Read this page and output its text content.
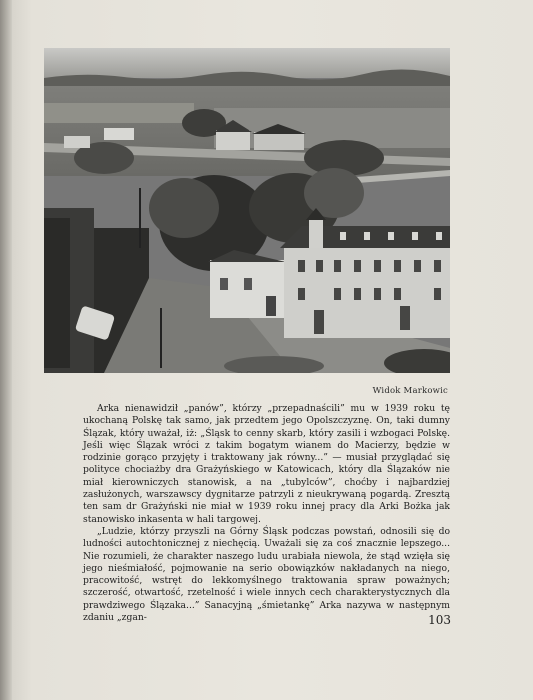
Widok Markowic

Arka nienawidził „panów”, którzy „przepadnaścili” mu w 1939 roku tę ukochaną Polskę tak samo, jak przedtem jego Opolszczyznę. On, taki dumny Ślązak, który uważał, iż: „Śląsk to cenny skarb, który zasili i wzbogaci Polskę. Jeśli więc Ślązak wróci z takim bogatym wianem do Macierzy, będzie w rodzinie gorąco przyjęty i traktowany jak równy...” — musiał przyglądać się polityce chociażby dra Grażyńskiego w Katowicach, który dla Ślązaków nie miał kierowniczych stanowisk, a na „tubylców”, choćby i najbardziej zasłużonych, warszawscy dygnitarze patrzyli z nieukrywaną pogardą. Zresztą ten sam dr Grażyński nie miał w 1939 roku innej pracy dla Arki Bożka jak stanowisko inkasenta w hali targowej.

„Ludzie, którzy przyszli na Górny Śląsk podczas powstań, odnosili się do ludności autochtonicznej z niechęcią. Uważali się za coś znacznie lepszego... Nie rozumieli, że charakter naszego ludu urabiała niewola, że stąd wzięła się jego nieśmiałość, pojmowanie na serio obowiązków nakładanych na niego, pracowitość, wstręt do lekkomyślnego traktowania spraw poważnych; szczerość, otwartość, rzetelność i wiele innych cech charakterystycznych dla prawdziwego Ślązaka...” Sanacyjną „śmietankę” Arka nazywa w następnym zdaniu „zgan-	103
